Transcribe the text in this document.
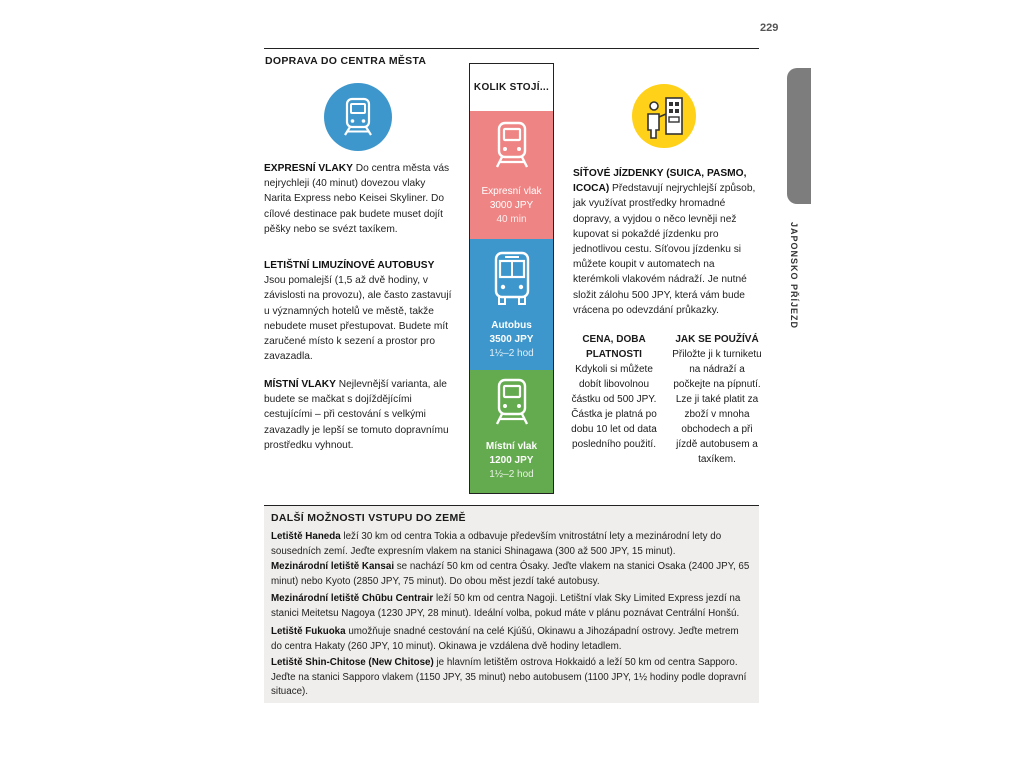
229
DOPRAVA DO CENTRA MĚSTA
JAPONSKO PŘÍJEZD
EXPRESNÍ VLAKY Do centra města vás nejrychleji (40 minut) dovezou vlaky Narita Express nebo Keisei Skyliner. Do cílové destinace pak budete muset dojít pěšky nebo se svézt taxíkem.
LETIŠTNÍ LIMUZÍNOVÉ AUTOBUSY Jsou pomalejší (1,5 až dvě hodiny, v závislosti na provozu), ale často zastavují u významných hotelů ve městě, takže nebudete muset přestupovat. Budete mít zaručené místo k sezení a prostor pro zavazadla.
MÍSTNÍ VLAKY Nejlevnější varianta, ale budete se mačkat s dojíždějícími cestujícími – při cestování s velkými zavazadly je lepší se tomuto dopravnímu prostředku vyhnout.
KOLIK STOJÍ...
Expresní vlak
3000 JPY
40 min
Autobus
3500 JPY
1½–2 hod
Místní vlak
1200 JPY
1½–2 hod
SÍŤOVÉ JÍZDENKY (SUICA, PASMO, ICOCA) Představují nejrychlejší způsob, jak využívat prostředky hromadné dopravy, a vyjdou o něco levněji než kupovat si pokaždé jízdenku pro jednotlivou cestu. Síťovou jízdenku si můžete koupit v automatech na kterémkoli vlakovém nádraží. Je nutné složit zálohu 500 JPY, která vám bude vrácena po odevzdání průkazky.
CENA, DOBA PLATNOSTI
Kdykoli si můžete dobít libovolnou částku od 500 JPY. Částka je platná po dobu 10 let od data posledního použití.
JAK SE POUŽÍVÁ
Přiložte ji k turniketu na nádraží a počkejte na pípnutí. Lze ji také platit za zboží v mnoha obchodech a při jízdě autobusem a taxíkem.
DALŠÍ MOŽNOSTI VSTUPU DO ZEMĚ
Letiště Haneda leží 30 km od centra Tokia a odbavuje především vnitrostátní lety a mezinárodní lety do sousedních zemí. Jeďte expresním vlakem na stanici Shinagawa (300 až 500 JPY, 15 minut).
Mezinárodní letiště Kansai se nachází 50 km od centra Ósaky. Jeďte vlakem na stanici Osaka (2400 JPY, 65 minut) nebo Kyoto (2850 JPY, 75 minut). Do obou měst jezdí také autobusy.
Mezinárodní letiště Chūbu Centrair leží 50 km od centra Nagoji. Letištní vlak Sky Limited Express jezdí na stanici Meitetsu Nagoya (1230 JPY, 28 minut). Ideální volba, pokud máte v plánu poznávat Centrální Honšú.
Letiště Fukuoka umožňuje snadné cestování na celé Kjúšú, Okinawu a Jihozápadní ostrovy. Jeďte metrem do centra Hakaty (260 JPY, 10 minut). Okinawa je vzdálena dvě hodiny letadlem.
Letiště Shin-Chitose (New Chitose) je hlavním letištěm ostrova Hokkaidó a leží 50 km od centra Sapporo. Jeďte na stanici Sapporo vlakem (1150 JPY, 35 minut) nebo autobusem (1100 JPY, 1½ hodiny podle dopravní situace).
